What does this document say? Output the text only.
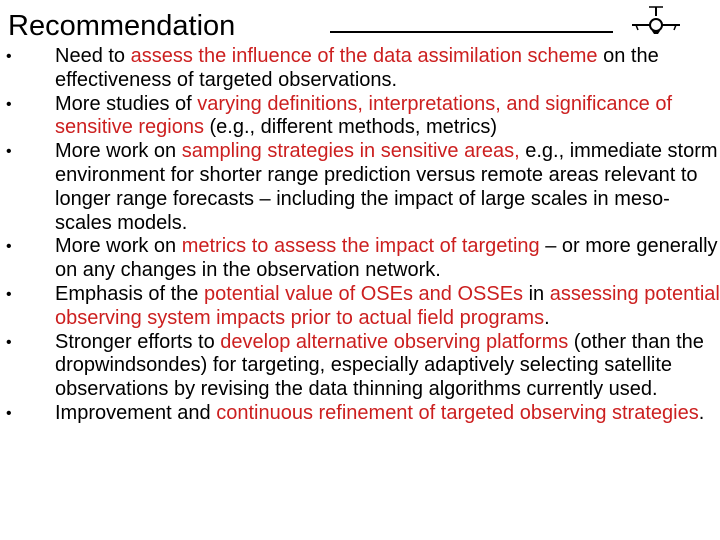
Recommendation
• Need to assess the influence of the data assimilation scheme on the effectiveness of targeted observations.
• More studies of varying definitions, interpretations, and significance of sensitive regions (e.g., different methods, metrics)
• More work on sampling strategies in sensitive areas, e.g., immediate storm environment for shorter range prediction versus remote areas relevant to longer range forecasts – including the impact of large scales in meso-scales models.
• More work on metrics to assess the impact of targeting – or more generally on any changes in the observation network.
• Emphasis of the potential value of OSEs and OSSEs in assessing potential observing system impacts prior to actual field programs.
• Stronger efforts to develop alternative observing platforms (other than the dropwindsondes) for targeting, especially adaptively selecting satellite observations by revising the data thinning algorithms currently used.
• Improvement and continuous refinement of targeted observing strategies.
